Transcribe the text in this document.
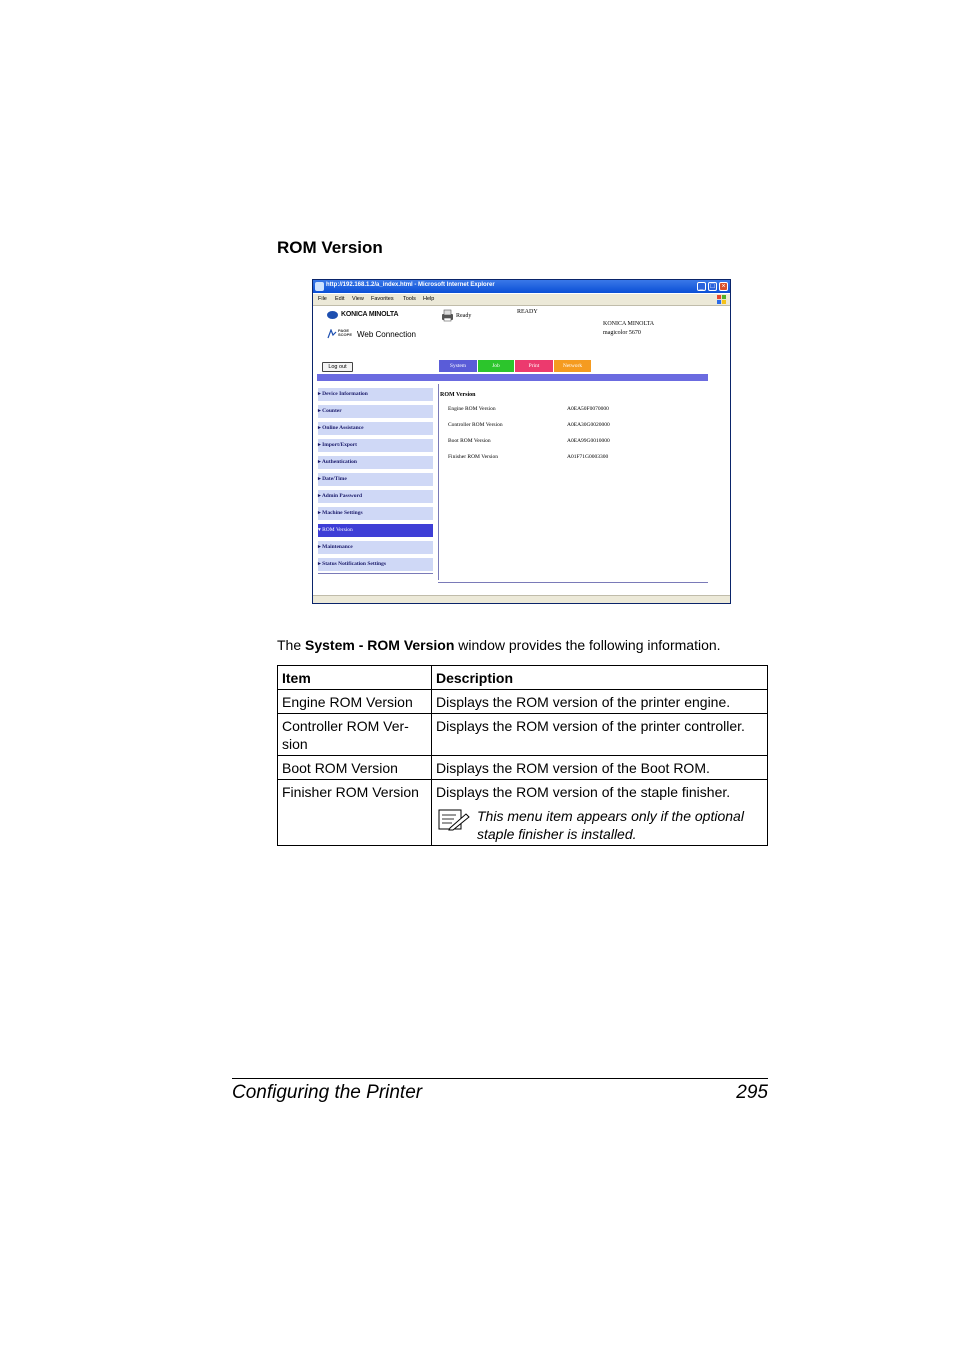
ROM Version
http://192.168.1.2/a_index.html - Microsoft Internet Explorer	_ □ ×
File Edit View Favorites Tools Help
KONICA MINOLTA
PAGE SCOPE Web Connection
Ready
READY
KONICA MINOLTA
magicolor 5670
Log out	System	Job	Print	Network
▸ Device Information
▸ Counter
▸ Online Assistance
▸ Import/Export
▸ Authentication
▸ Date/Time
▸ Admin Password
▸ Machine Settings
▾ ROM Version
▸ Maintenance
▸ Status Notification Settings
ROM Version
Engine ROM Version	A0EA50F0070000
Controller ROM Version	A0EA30G0020000
Boot ROM Version	A0EA99G0010000
Finisher ROM Version	A01F71G0003300
The System - ROM Version window provides the following information.
Item	Description
Engine ROM Version	Displays the ROM version of the printer engine.
Controller ROM Ver-sion	Displays the ROM version of the printer controller.
Boot ROM Version	Displays the ROM version of the Boot ROM.
Finisher ROM Version	Displays the ROM version of the staple finisher.
This menu item appears only if the optional staple finisher is installed.
Configuring the Printer	295
